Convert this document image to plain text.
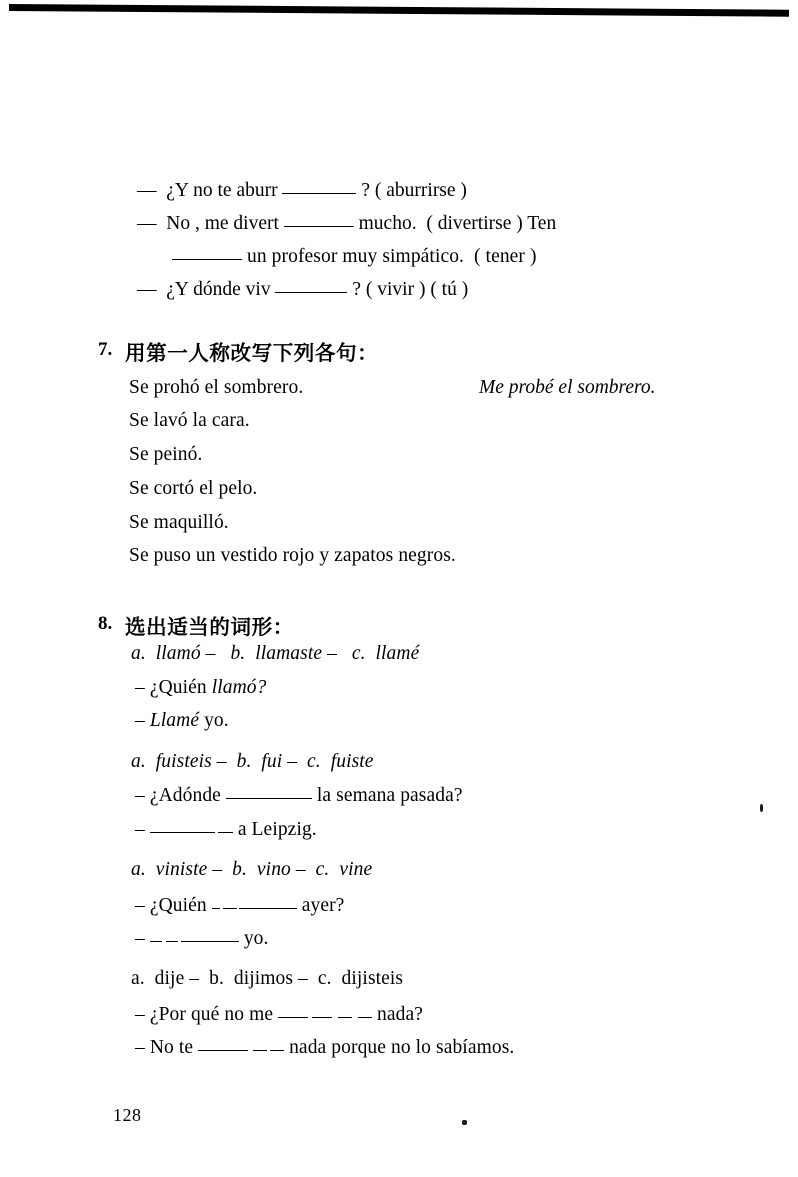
— ¿Y no te aburr	? ( aburrirse )
— No , me divert	mucho.  ( divertirse ) Ten
un profesor muy simpático.  ( tener )
— ¿Y dónde viv	? ( vivir ) ( tú )
7. 用第一人称改写下列各句：
Se prohó el sombrero.	Me probé el sombrero.
Se lavó la cara.
Se peinó.
Se cortó el pelo.
Se maquilló.
Se puso un vestido rojo y zapatos negros.
8. 选出适当的词形：
a.  llamó –   b.  llamaste –   c.  llamé
– ¿Quién llamó?
– Llamé yo.
a.  fuisteis –  b.  fui –  c.  fuiste
– ¿Adónde	la semana pasada?
–	a Leipzig.
a.  viniste –  b.  vino –  c.  vine
– ¿Quién	ayer?
–	yo.
a.  dije –  b.  dijimos –  c.  dijisteis
– ¿Por qué no me	nada?
– No te	nada porque no lo sabíamos.
128
